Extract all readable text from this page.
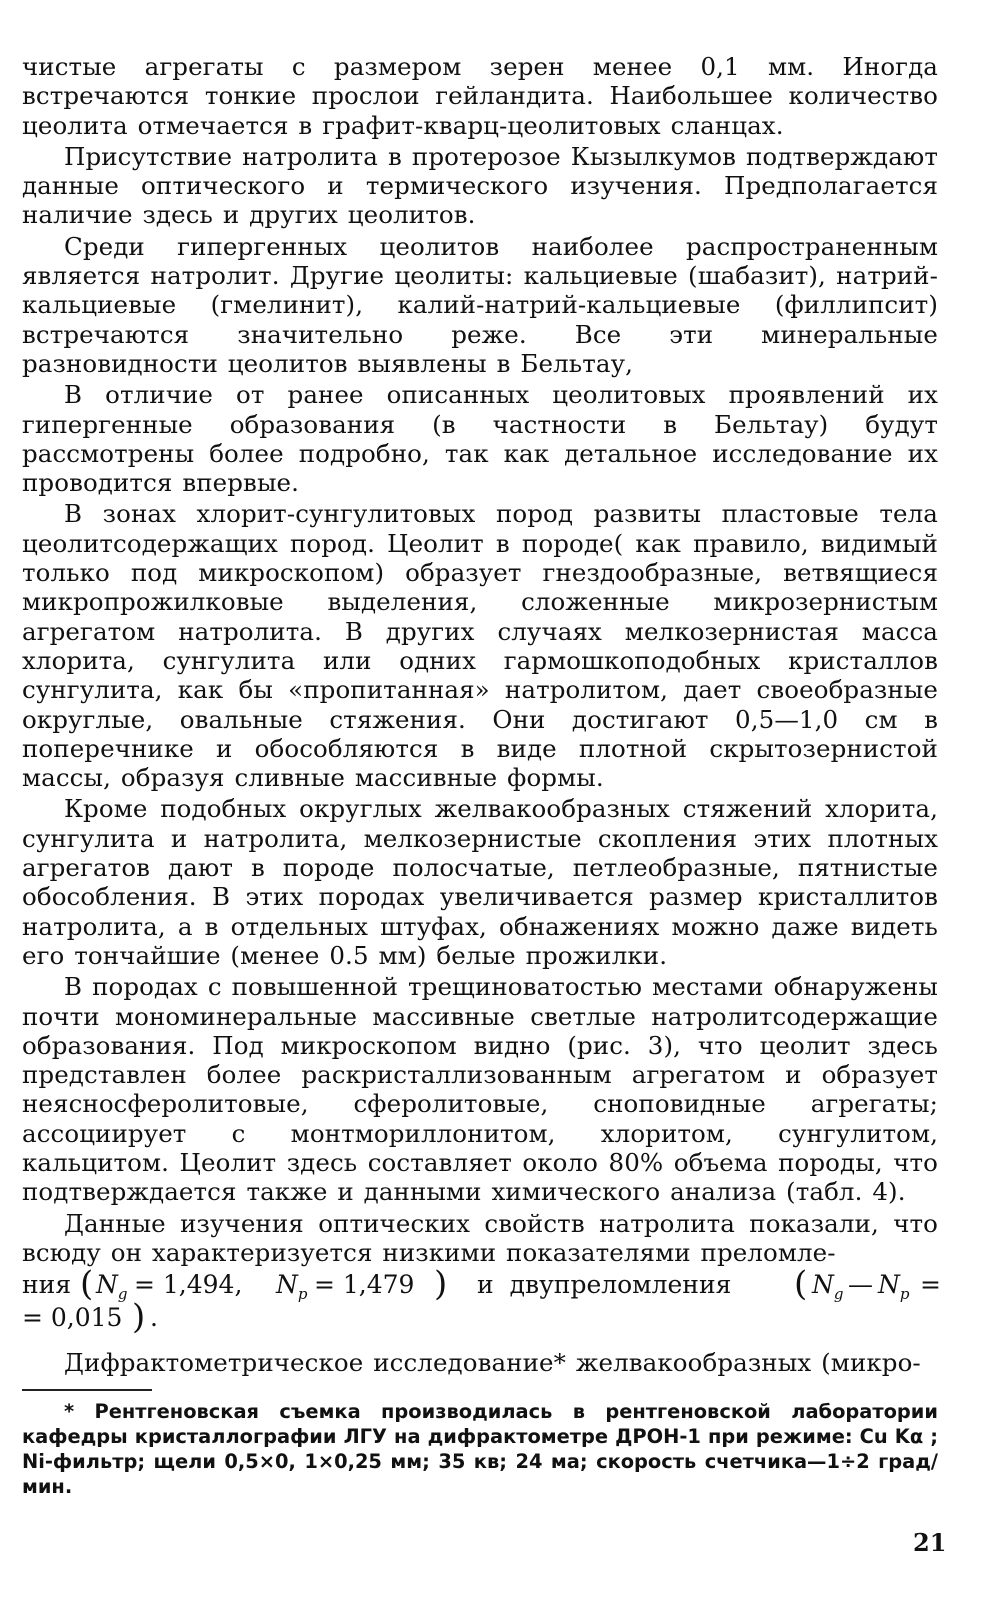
чистые агрегаты с размером зерен менее 0,1 мм. Иногда встречаются тонкие прослои гейландита. Наибольшее количество цеолита отмечается в графит-кварц-цеолитовых сланцах.

Присутствие натролита в протерозое Кызылкумов подтверждают данные оптического и термического изучения. Предполагается наличие здесь и других цеолитов.

Среди гипергенных цеолитов наиболее распространенным является натролит. Другие цеолиты: кальциевые (шабазит), натрий-кальциевые (гмелинит), калий-натрий-кальциевые (филлипсит) встречаются значительно реже. Все эти минеральные разновидности цеолитов выявлены в Бельтау,

В отличие от ранее описанных цеолитовых проявлений их гипергенные образования (в частности в Бельтау) будут рассмотрены более подробно, так как детальное исследование их проводится впервые.

В зонах хлорит-сунгулитовых пород развиты пластовые тела цеолитсодержащих пород. Цеолит в породе( как правило, видимый только под микроскопом) образует гнездообразные, ветвящиеся микропрожилковые выделения, сложенные микрозернистым агрегатом натролита. В других случаях мелкозернистая масса хлорита, сунгулита или одних гармошкоподобных кристаллов сунгулита, как бы «пропитанная» натролитом, дает своеобразные округлые, овальные стяжения. Они достигают 0,5—1,0 см в поперечнике и обособляются в виде плотной скрытозернистой массы, образуя сливные массивные формы.

Кроме подобных округлых желвакообразных стяжений хлорита, сунгулита и натролита, мелкозернистые скопления этих плотных агрегатов дают в породе полосчатые, петлеобразные, пятнистые обособления. В этих породах увеличивается размер кристаллитов натролита, а в отдельных штуфах, обнажениях можно даже видеть его тончайшие (менее 0.5 мм) белые прожилки.

В породах с повышенной трещиноватостью местами обнаружены почти мономинеральные массивные светлые натролитсодержащие образования. Под микроскопом видно (рис. 3), что цеолит здесь представлен более раскристаллизованным агрегатом и образует неясносферолитовые, сферолитовые, сноповидные агрегаты; ассоциирует с монтмориллонитом, хлоритом, сунгулитом, кальцитом. Цеолит здесь составляет около 80% объема породы, что подтверждается также и данными химического анализа (табл. 4).

Данные изучения оптических свойств натролита показали, что всюду он характеризуется низкими показателями преломле-

ния ( $N_g = 1,494$, $N_p = 1,479$ ) и двупреломления ( $N_g$ — $N_p$ =
= 0,015 ) .

Дифрактометрическое исследование* желвакообразных (микро-

* Рентгеновская съемка производилась в рентгеновской лаборатории кафедры кристаллографии ЛГУ на дифрактометре ДРОН-1 при режиме: Cu Kα ; Ni-фильтр; щели 0,5×0, 1×0,25 мм; 35 кв; 24 ма; скорость счетчика—1÷2 град/мин.

21
